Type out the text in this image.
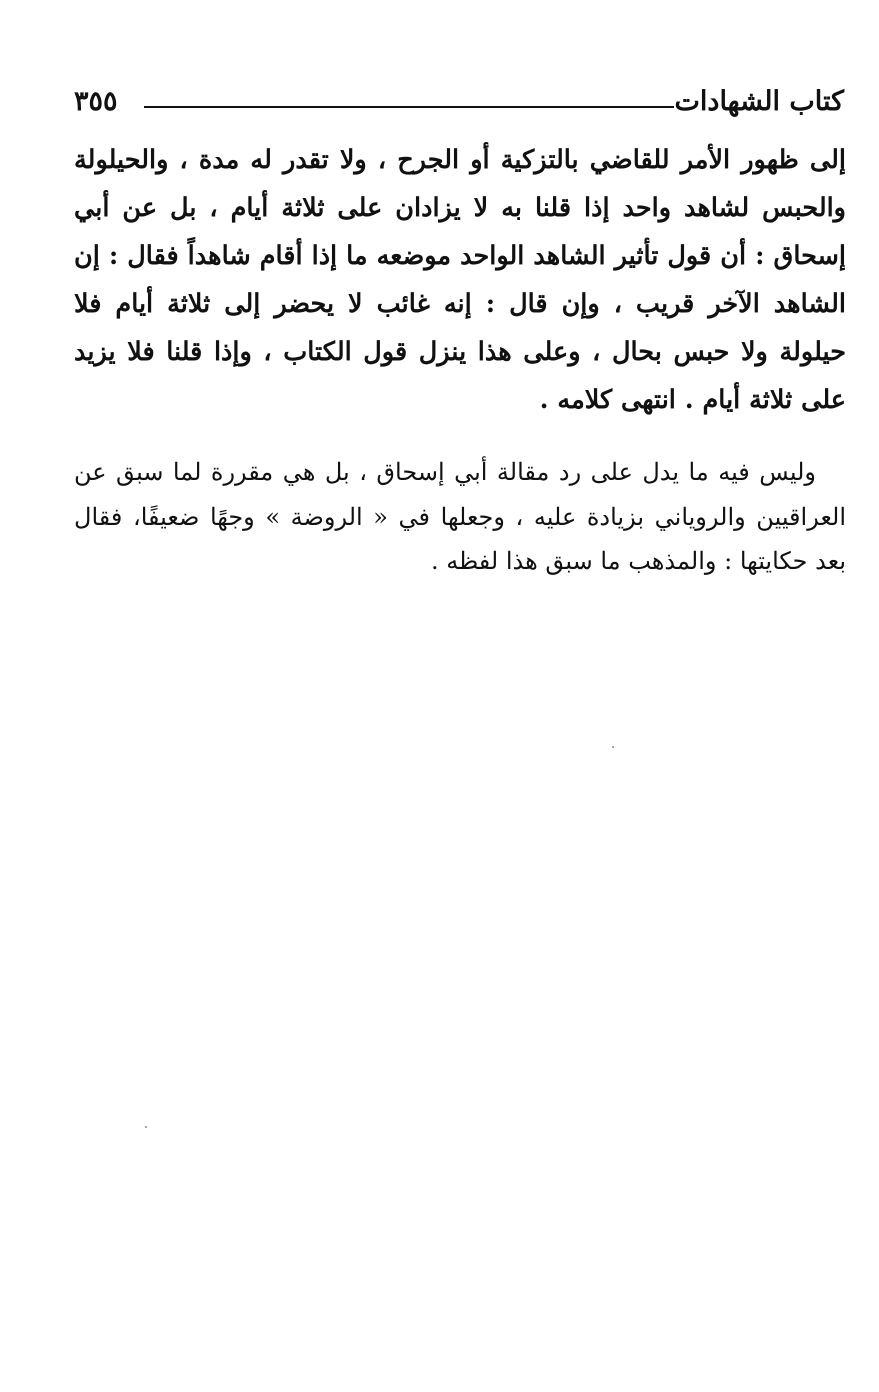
كتاب الشهادات
٣٥٥

إلى ظهور الأمر للقاضي بالتزكية أو الجرح ، ولا تقدر له مدة ، والحيلولة والحبس لشاهد واحد إذا قلنا به لا يزادان على ثلاثة أيام ، بل عن أبي إسحاق : أن قول تأثير الشاهد الواحد موضعه ما إذا أقام شاهداً فقال : إن الشاهد الآخر قريب ، وإن قال : إنه غائب لا يحضر إلى ثلاثة أيام فلا حيلولة ولا حبس بحال ، وعلى هذا ينزل قول الكتاب ، وإذا قلنا فلا يزيد على ثلاثة أيام . انتهى كلامه .

وليس فيه ما يدل على رد مقالة أبي إسحاق ، بل هي مقررة لما سبق عن العراقيين والروياني بزيادة عليه ، وجعلها في « الروضة » وجهًا ضعيفًا، فقال بعد حكايتها : والمذهب ما سبق هذا لفظه .
